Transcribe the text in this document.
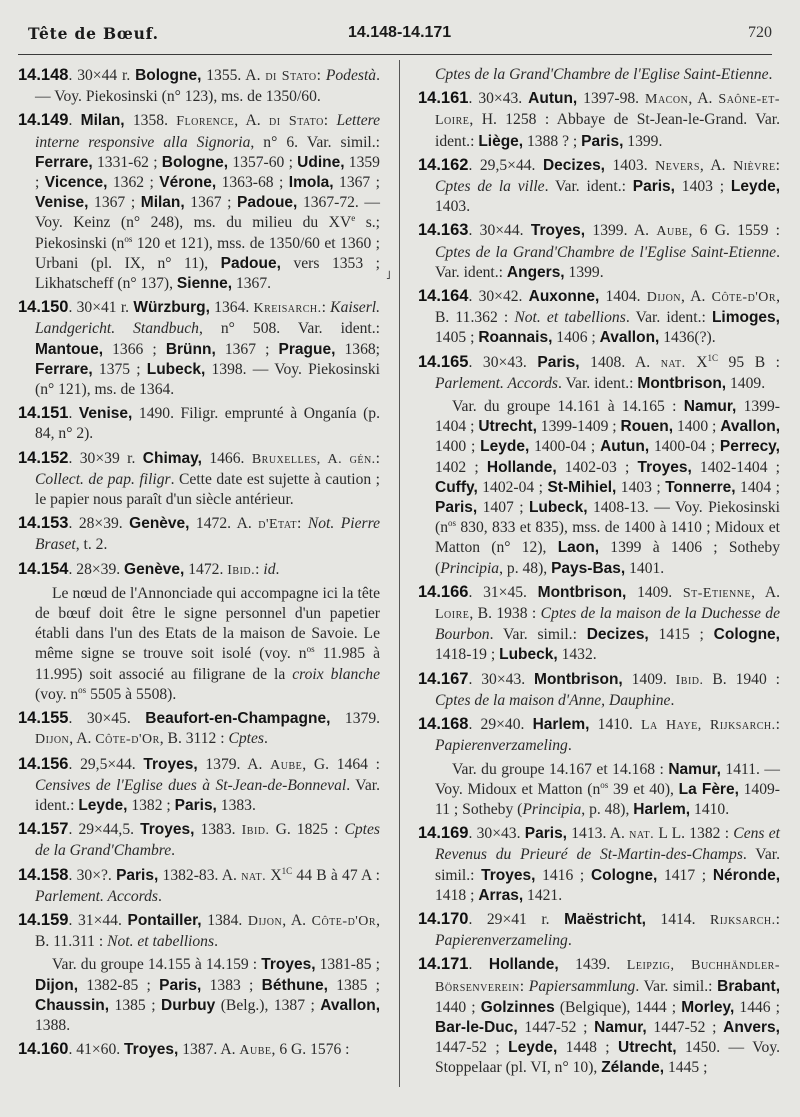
Tête de Bœuf.	14.148-14.171	720
˩
14.148. 30×44 r. Bologne, 1355. A. di Stato: Podestà. — Voy. Piekosinski (n° 123), ms. de 1350/60.
14.149. Milan, 1358. Florence, A. di Stato: Lettere interne responsive alla Signoria, n° 6. Var. simil.: Ferrare, 1331-62 ; Bologne, 1357-60 ; Udine, 1359 ; Vicence, 1362 ; Vérone, 1363-68 ; Imola, 1367 ; Venise, 1367 ; Milan, 1367 ; Padoue, 1367-72. — Voy. Keinz (n° 248), ms. du milieu du XVe s.; Piekosinski ($n^{os}$ 120 et 121), mss. de 1350/60 et 1360 ; Urbani (pl. IX, n° 11), Padoue, vers 1353 ; Likhatscheff (n° 137), Sienne, 1367.
14.150. 30×41 r. Würzburg, 1364. Kreisarch.: Kaiserl. Landgericht. Standbuch, n° 508. Var. ident.: Mantoue, 1366 ; Brünn, 1367 ; Prague, 1368; Ferrare, 1375 ; Lubeck, 1398. — Voy. Piekosinski (n° 121), ms. de 1364.
14.151. Venise, 1490. Filigr. emprunté à Onganía (p. 84, n° 2).
14.152. 30×39 r. Chimay, 1466. Bruxelles, A. gén.: Collect. de pap. filigr. Cette date est sujette à caution ; le papier nous paraît d'un siècle antérieur.
14.153. 28×39. Genève, 1472. A. d'Etat: Not. Pierre Braset, t. 2.
14.154. 28×39. Genève, 1472. Ibid.: id.
Le nœud de l'Annonciade qui accompagne ici la tête de bœuf doit être le signe personnel d'un papetier établi dans l'un des Etats de la maison de Savoie. Le même signe se trouve soit isolé (voy. $n^{os}$ 11.985 à 11.995) soit associé au filigrane de la croix blanche (voy. $n^{os}$ 5505 à 5508).
14.155. 30×45. Beaufort-en-Champagne, 1379. Dijon, A. Côte-d'Or, B. 3112 : Cptes.
14.156. 29,5×44. Troyes, 1379. A. Aube, G. 1464 : Censives de l'Eglise dues à St-Jean-de-Bonneval. Var. ident.: Leyde, 1382 ; Paris, 1383.
14.157. 29×44,5. Troyes, 1383. Ibid. G. 1825 : Cptes de la Grand'Chambre.
14.158. 30×?. Paris, 1382-83. A. nat. $X^{1C}$ 44 B à 47 A : Parlement. Accords.
14.159. 31×44. Pontailler, 1384. Dijon, A. Côte-d'Or, B. 11.311 : Not. et tabellions.
Var. du groupe 14.155 à 14.159 : Troyes, 1381-85 ; Dijon, 1382-85 ; Paris, 1383 ; Béthune, 1385 ; Chaussin, 1385 ; Durbuy (Belg.), 1387 ; Avallon, 1388.
14.160. 41×60. Troyes, 1387. A. Aube, 6 G. 1576 :
Cptes de la Grand'Chambre de l'Eglise Saint-Etienne.
14.161. 30×43. Autun, 1397-98. Macon, A. Saône-et-Loire, H. 1258 : Abbaye de St-Jean-le-Grand. Var. ident.: Liège, 1388 ? ; Paris, 1399.
14.162. 29,5×44. Decizes, 1403. Nevers, A. Nièvre: Cptes de la ville. Var. ident.: Paris, 1403 ; Leyde, 1403.
14.163. 30×44. Troyes, 1399. A. Aube, 6 G. 1559 : Cptes de la Grand'Chambre de l'Eglise Saint-Etienne. Var. ident.: Angers, 1399.
14.164. 30×42. Auxonne, 1404. Dijon, A. Côte-d'Or, B. 11.362 : Not. et tabellions. Var. ident.: Limoges, 1405 ; Roannais, 1406 ; Avallon, 1436(?).
14.165. 30×43. Paris, 1408. A. nat. $X^{1C}$ 95 B : Parlement. Accords. Var. ident.: Montbrison, 1409.
Var. du groupe 14.161 à 14.165 : Namur, 1399-1404 ; Utrecht, 1399-1409 ; Rouen, 1400 ; Avallon, 1400 ; Leyde, 1400-04 ; Autun, 1400-04 ; Perrecy, 1402 ; Hollande, 1402-03 ; Troyes, 1402-1404 ; Cuffy, 1402-04 ; St-Mihiel, 1403 ; Tonnerre, 1404 ; Paris, 1407 ; Lubeck, 1408-13. — Voy. Piekosinski ($n^{os}$ 830, 833 et 835), mss. de 1400 à 1410 ; Midoux et Matton (n° 12), Laon, 1399 à 1406 ; Sotheby (Principia, p. 48), Pays-Bas, 1401.
14.166. 31×45. Montbrison, 1409. St-Etienne, A. Loire, B. 1938 : Cptes de la maison de la Duchesse de Bourbon. Var. simil.: Decizes, 1415 ; Cologne, 1418-19 ; Lubeck, 1432.
14.167. 30×43. Montbrison, 1409. Ibid. B. 1940 : Cptes de la maison d'Anne, Dauphine.
14.168. 29×40. Harlem, 1410. La Haye, Rijksarch.: Papierenverzameling.
Var. du groupe 14.167 et 14.168 : Namur, 1411. — Voy. Midoux et Matton ($n^{os}$ 39 et 40), La Fère, 1409-11 ; Sotheby (Principia, p. 48), Harlem, 1410.
14.169. 30×43. Paris, 1413. A. nat. L L. 1382 : Cens et Revenus du Prieuré de St-Martin-des-Champs. Var. simil.: Troyes, 1416 ; Cologne, 1417 ; Néronde, 1418 ; Arras, 1421.
14.170. 29×41 r. Maëstricht, 1414. Rijksarch.: Papierenverzameling.
14.171. Hollande, 1439. Leipzig, Buchhändler-Börsenverein: Papiersammlung. Var. simil.: Brabant, 1440 ; Golzinnes (Belgique), 1444 ; Morley, 1446 ; Bar-le-Duc, 1447-52 ; Namur, 1447-52 ; Anvers, 1447-52 ; Leyde, 1448 ; Utrecht, 1450. — Voy. Stoppelaar (pl. VI, n° 10), Zélande, 1445 ;
